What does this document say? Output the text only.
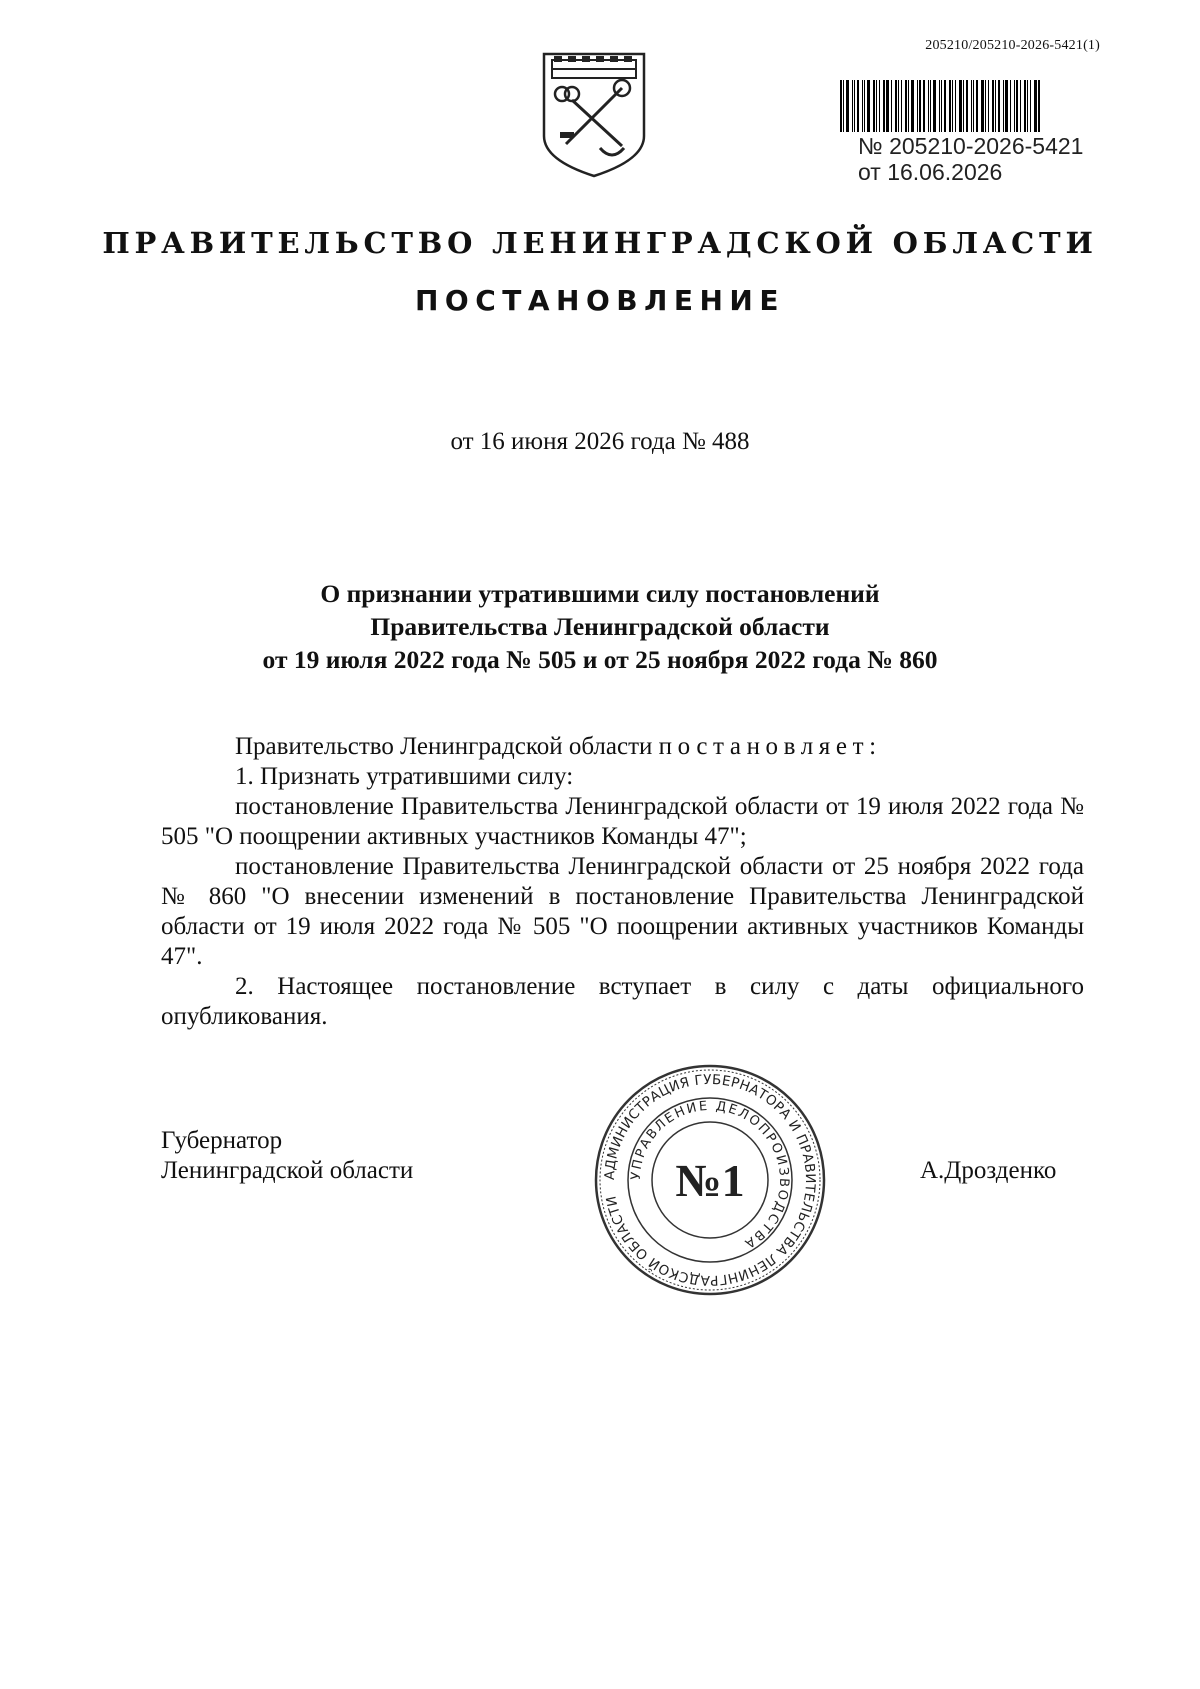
205210/205210-2026-5421(1)
№ 205210-2026-5421
от 16.06.2026
ПРАВИТЕЛЬСТВО ЛЕНИНГРАДСКОЙ ОБЛАСТИ
ПОСТАНОВЛЕНИЕ
от 16 июня 2026 года № 488
О признании утратившими силу постановлений
Правительства Ленинградской области
от 19 июля 2022 года № 505 и от 25 ноября 2022 года № 860

Правительство Ленинградской области постановляет:

1. Признать утратившими силу:

постановление Правительства Ленинградской области от 19 июля 2022 года № 505 "О поощрении активных участников Команды 47";

постановление Правительства Ленинградской области от 25 ноября 2022 года № 860 "О внесении изменений в постановление Правительства Ленинградской области от 19 июля 2022 года № 505 "О поощрении активных участников Команды 47".

2. Настоящее постановление вступает в силу с даты официального опубликования.

Губернатор
Ленинградской области	А.Дрозденко
АДМИНИСТРАЦИЯ ГУБЕРНАТОРА И ПРАВИТЕЛЬСТВА ЛЕНИНГРАДСКОЙ ОБЛАСТИ
УПРАВЛЕНИЕ ДЕЛОПРОИЗВОДСТВА
№1
